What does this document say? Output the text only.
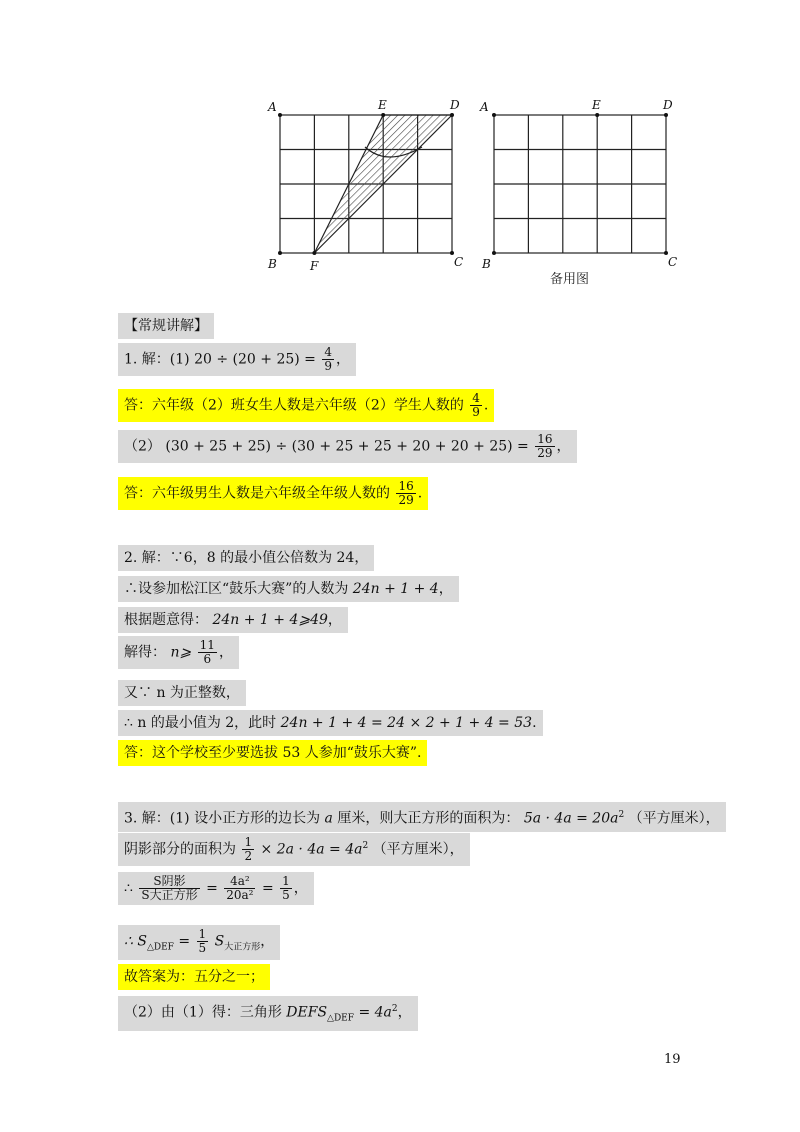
A	E	D
B	F	C
A	E	D
B	C
备用图
【常规讲解】
1. 解：(1) $20 \div (20 + 25) = \frac{4}{9}$ ，
答：六年级（2）班女生人数是六年级（2）学生人数的 $\frac{4}{9}$ .
（2） $(30 + 25 + 25) \div (30 + 25 + 25 + 20 + 20 + 25) = \frac{16}{29}$ ，
答：六年级男生人数是六年级全年级人数的 $\frac{16}{29}$ .
2. 解：∵6，8 的最小值公倍数为 24，
∴设参加松江区“鼓乐大赛”的人数为 24n + 1 + 4，
根据题意得： 24n + 1 + 4⩾49，
解得： n⩾ $\frac{11}{6}$ ，
又∵ n 为正整数，
∴ n 的最小值为 2，此时 24n + 1 + 4 = 24 × 2 + 1 + 4 = 53.
答：这个学校至少要选拔 53 人参加“鼓乐大赛”.
3. 解：(1) 设小正方形的边长为 a 厘米，则大正方形的面积为： $5a \cdot 4a = 20a^2$ （平方厘米），
阴影部分的面积为 $\frac{1}{2} \times 2a \cdot 4a = 4a^2$ （平方厘米），
∴ $\frac{\text{S阴影}}{\text{S大正方形}} = \frac{\text{4a²}}{\text{20a²}} = \frac{1}{5}$ ，
∴ $S_{\triangle DEF} = \frac{1}{5} S_{大正方形}$，
故答案为：五分之一；
（2）由（1）得：三角形 $DEFS_{\triangle DEF} = 4a^2$，
19
